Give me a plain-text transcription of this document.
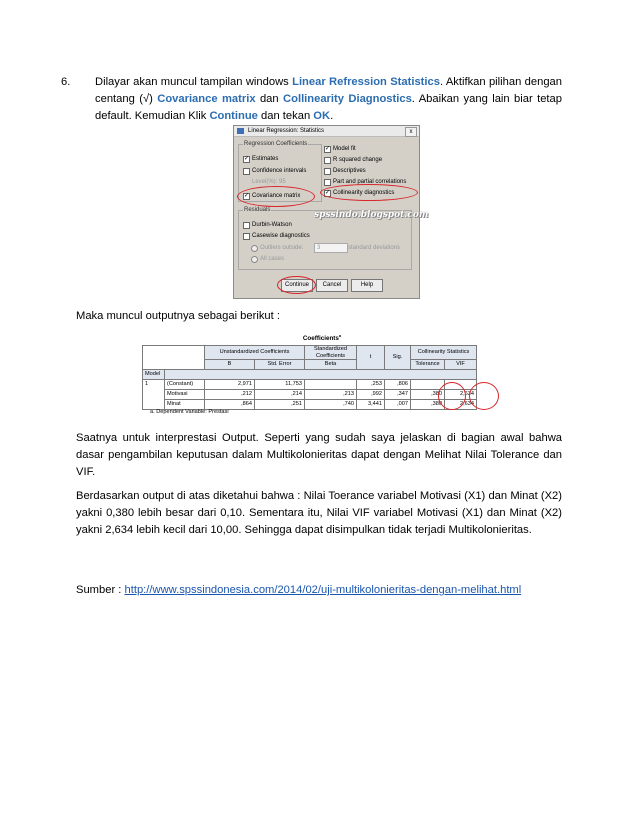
6. Dilayar akan muncul tampilan windows Linear Refression Statistics. Aktifkan pilihan dengan centang (√) Covariance matrix dan Collinearity Diagnostics. Abaikan yang lain biar tetap default. Kemudian Klik Continue dan tekan OK.

Linear Regression: Statistics	x
Regression Coefficients
✓ Estimates
Confidence intervals
Level(%): 95
✓ Covariance matrix
✓ Model fit
R squared change
Descriptives
Part and partial correlations
✓ Collinearity diagnostics
Residuals
Durbin-Watson
Casewise diagnostics
Outliers outside:	3	standard deviations
All cases
spssindo.blogspot.com
Continue	Cancel	Help
Maka muncul outputnya sebagai berikut :
Coefficients$^a$
		Unstandardized Coefficients		Standardized Coefficients	t	Sig.	Collinearity Statistics	
		B	Std. Error	Beta			Tolerance	VIF
Model								
1	(Constant)	2,971	11,753		,253	,806		
	Motivasi	,212	,214	,213	,992	,347	,380	2,634
	Minat	,864	,251	,740	3,441	,007	,380	2,634
a. Dependent Variable: Prestasi

Saatnya untuk interprestasi Output. Seperti yang sudah saya jelaskan di bagian awal bahwa dasar pengambilan keputusan dalam Multikolonieritas dapat dengan Melihat Nilai Tolerance dan VIF.

Berdasarkan output di atas diketahui bahwa : Nilai Toerance variabel Motivasi (X1) dan Minat (X2) yakni 0,380 lebih besar dari 0,10. Sementara itu, Nilai VIF variabel Motivasi (X1) dan Minat (X2) yakni 2,634 lebih kecil dari 10,00. Sehingga dapat disimpulkan tidak terjadi Multikolonieritas.

Sumber : http://www.spssindonesia.com/2014/02/uji-multikolonieritas-dengan-melihat.html
